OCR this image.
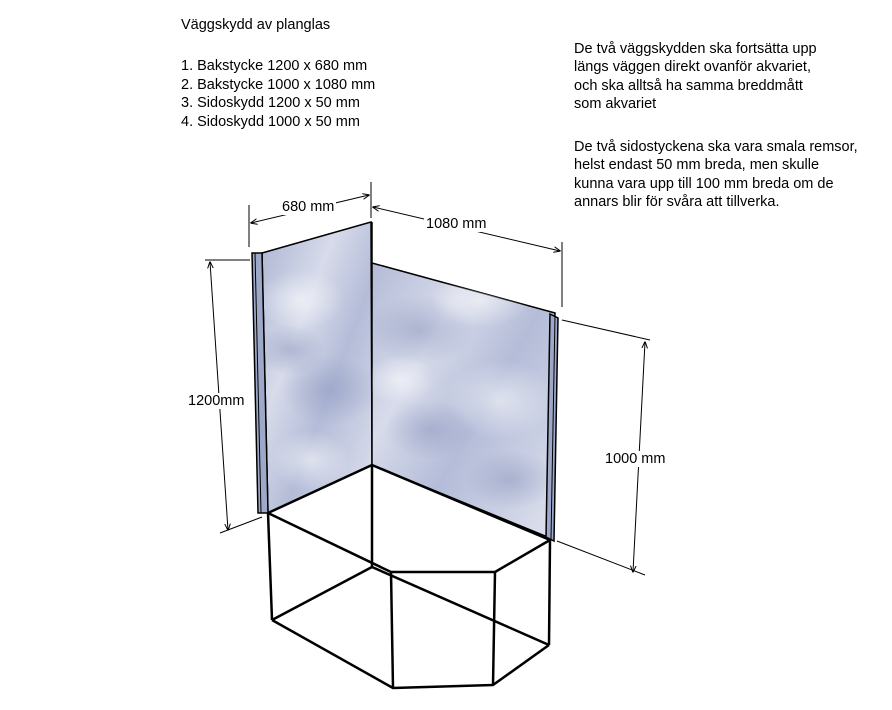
Väggskydd av planglas

1. Bakstycke 1200 x 680 mm
2. Bakstycke 1000 x 1080 mm
3. Sidoskydd 1200 x 50 mm
4. Sidoskydd 1000 x 50 mm
De två väggskydden ska fortsätta upp
längs väggen direkt ovanför akvariet,
och ska alltså ha samma breddmått
som akvariet
De två sidostyckena ska vara smala remsor,
helst endast 50 mm breda, men skulle
kunna vara upp till 100 mm breda om de
annars blir för svåra att tillverka.
680 mm
1080 mm
1200mm
1000 mm
